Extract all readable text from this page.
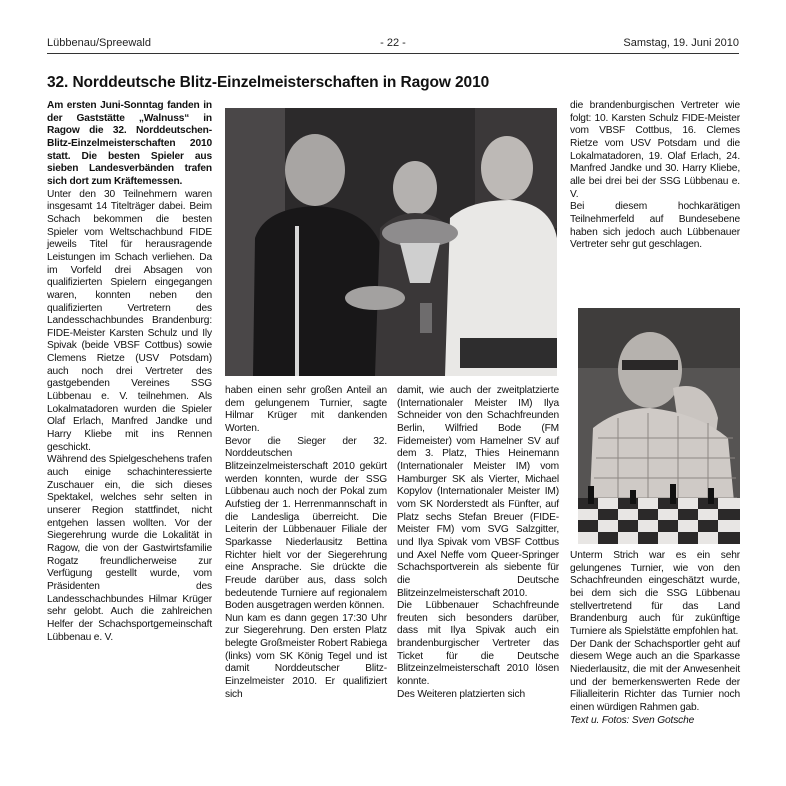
Lübbenau/Spreewald	- 22 -	Samstag, 19. Juni 2010
32. Norddeutsche Blitz-Einzelmeisterschaften in Ragow 2010

Am ersten Juni-Sonntag fanden in der Gaststätte „Walnuss“ in Ragow die 32. Norddeutschen-Blitz-Einzelmeisterschaften 2010 statt. Die besten Spieler aus sieben Landesverbänden trafen sich dort zum Kräftemessen.

Unter den 30 Teilnehmern waren insgesamt 14 Titelträger dabei. Beim Schach bekommen die besten Spieler vom Weltschachbund FIDE jeweils Titel für herausragende Leistungen im Schach verliehen. Da im Vorfeld drei Absagen von qualifizierten Spielern eingegangen waren, konnten neben den qualifizierten Vertretern des Landesschachbundes Brandenburg: FIDE-Meister Karsten Schulz und Ily Spivak (beide VBSF Cottbus) sowie Clemens Rietze (USV Potsdam) auch noch drei Vertreter des gastgebenden Vereines SSG Lübbenau e. V. teilnehmen. Als Lokalmatadoren wurden die Spieler Olaf Erlach, Manfred Jandke und Harry Kliebe mit ins Rennen geschickt.

Während des Spielgeschehens trafen auch einige schachinteressierte Zuschauer ein, die sich dieses Spektakel, welches sehr selten in unserer Region stattfindet, nicht entgehen lassen wollten. Vor der Siegerehrung wurde die Lokalität in Ragow, die von der Gastwirtsfamilie Rogatz freundlicherweise zur Verfügung gestellt wurde, vom Präsidenten des Landesschachbundes Hilmar Krüger sehr gelobt. Auch die zahlreichen Helfer der Schachsportgemeinschaft Lübbenau e. V.

haben einen sehr großen Anteil an dem gelungenem Turnier, sagte Hilmar Krüger mit dankenden Worten.

Bevor die Sieger der 32. Norddeutschen Blitzeinzelmeisterschaft 2010 gekürt werden konnten, wurde der SSG Lübbenau auch noch der Pokal zum Aufstieg der 1. Herrenmannschaft in die Landesliga überreicht. Die Leiterin der Lübbenauer Filiale der Sparkasse Niederlausitz Bettina Richter hielt vor der Siegerehrung eine Ansprache. Sie drückte die Freude darüber aus, dass solch bedeutende Turniere auf regionalem Boden ausgetragen werden können.

Nun kam es dann gegen 17:30 Uhr zur Siegerehrung. Den ersten Platz belegte Großmeister Robert Rabiega (links) vom SK König Tegel und ist damit Norddeutscher Blitz-Einzelmeister 2010. Er qualifiziert sich

damit, wie auch der zweitplatzierte (Internationaler Meister IM) Ilya Schneider von den Schachfreunden Berlin, Wilfried Bode (FM Fidemeister) vom Hamelner SV auf dem 3. Platz, Thies Heinemann (Internationaler Meister IM) vom Hamburger SK als Vierter, Michael Kopylov (Internationaler Meister IM) vom SK Norderstedt als Fünfter, auf Platz sechs Stefan Breuer (FIDE-Meister FM) vom SVG Salzgitter, und Ilya Spivak vom VBSF Cottbus und Axel Neffe vom Queer-Springer Schachsportverein als siebente für die Deutsche Blitzeinzelmeisterschaft 2010.

Die Lübbenauer Schachfreunde freuten sich besonders darüber, dass mit Ilya Spivak auch ein brandenburgischer Vertreter das Ticket für die Deutsche Blitzeinzelmeisterschaft 2010 lösen konnte.

Des Weiteren platzierten sich

die brandenburgischen Vertreter wie folgt: 10. Karsten Schulz FIDE-Meister vom VBSF Cottbus, 16. Clemes Rietze vom USV Potsdam und die Lokalmatadoren, 19. Olaf Erlach, 24. Manfred Jandke und 30. Harry Kliebe, alle bei drei bei der SSG Lübbenau e. V.

Bei diesem hochkarätigen Teilnehmerfeld auf Bundesebene haben sich jedoch auch Lübbenauer Vertreter sehr gut geschlagen.

Unterm Strich war es ein sehr gelungenes Turnier, wie von den Schachfreunden eingeschätzt wurde, bei dem sich die SSG Lübbenau stellvertretend für das Land Brandenburg auch für zukünftige Turniere als Spielstätte empfohlen hat.

Der Dank der Schachsportler geht auf diesem Wege auch an die Sparkasse Niederlausitz, die mit der Anwesenheit und der bemerkenswerten Rede der Filialleiterin Richter das Turnier noch einen würdigen Rahmen gab.

Text u. Fotos: Sven Gotsche
